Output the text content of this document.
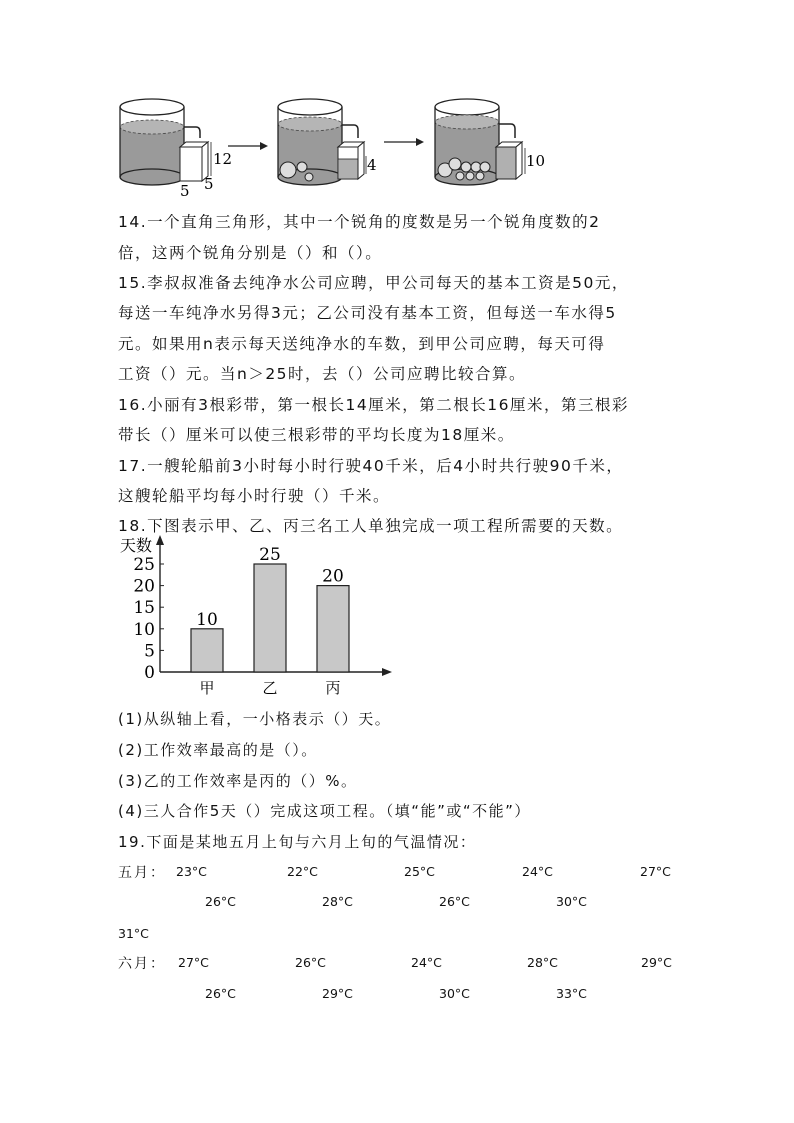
12
5 5
4	10
14.一个直角三角形，其中一个锐角的度数是另一个锐角度数的2
倍，这两个锐角分别是（）和（）。
15.李叔叔准备去纯净水公司应聘，甲公司每天的基本工资是50元，
每送一车纯净水另得3元；乙公司没有基本工资，但每送一车水得5
元。如果用n表示每天送纯净水的车数，到甲公司应聘，每天可得
工资（）元。当n＞25时，去（）公司应聘比较合算。
16.小丽有3根彩带，第一根长14厘米，第二根长16厘米，第三根彩
带长（）厘米可以使三根彩带的平均长度为18厘米。
17.一艘轮船前3小时每小时行驶40千米，后4小时共行驶90千米，
这艘轮船平均每小时行驶（）千米。
18.下图表示甲、乙、丙三名工人单独完成一项工程所需要的天数。
天数
0
5
10
15
20
25
10
甲
25
乙
20
丙
(1)从纵轴上看，一小格表示（）天。
(2)工作效率最高的是（）。
(3)乙的工作效率是丙的（）%。
(4)三人合作5天（）完成这项工程。（填“能”或“不能”）
19.下面是某地五月上旬与六月上旬的气温情况：
五月： 23°C	22°C	25°C	24°C	27°C
26°C	28°C	26°C	30°C
31°C
六月： 27°C	26°C	24°C	28°C	29°C
26°C	29°C	30°C	33°C
